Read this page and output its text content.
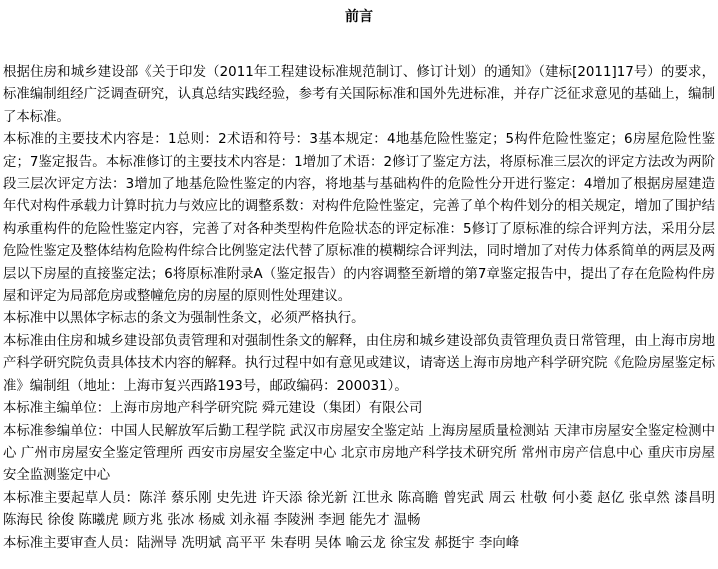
前言

根据住房和城乡建设部《关于印发（2011年工程建设标准规范制订、修订计划）的通知》（建标[2011]17号）的要求，标准编制组经广泛调查研究，认真总结实践经验，参考有关国际标准和国外先进标准，并存广泛征求意见的基础上，编制了本标准。

本标准的主要技术内容是：1总则：2术语和符号：3基本规定：4地基危险性鉴定；5构件危险性鉴定；6房屋危险性鉴定；7鉴定报告。本标准修订的主要技术内容是：1增加了术语：2修订了鉴定方法，将原标准三层次的评定方法改为两阶段三层次评定方法：3增加了地基危险性鉴定的内容，将地基与基础构件的危险性分开进行鉴定：4增加了根据房屋建造年代对构件承载力计算时抗力与效应比的调整系数：对构件危险性鉴定，完善了单个构件划分的相关规定，增加了围护结构承重构件的危险性鉴定内容，完善了对各种类型构件危险状态的评定标准：5修订了原标准的综合评判方法，采用分层危险性鉴定及整体结构危险构件综合比例鉴定法代替了原标准的模糊综合评判法，同时增加了对传力体系简单的两层及两层以下房屋的直接鉴定法；6将原标准附录A（鉴定报告）的内容调整至新增的第7章鉴定报告中，提出了存在危险构件房屋和评定为局部危房或整幢危房的房屋的原则性处理建议。

本标准中以黑体字标志的条文为强制性条文，必须严格执行。

本标准由住房和城乡建设部负责管理和对强制性条文的解释，由住房和城乡建设部负责管理负责日常管理，由上海市房地产科学研究院负责具体技术内容的解释。执行过程中如有意见或建议，请寄送上海市房地产科学研究院《危险房屋鉴定标准》编制组（地址：上海市复兴西路193号，邮政编码：200031）。

本标准主编单位：上海市房地产科学研究院 舜元建设（集团）有限公司

本标准参编单位：中国人民解放军后勤工程学院 武汉市房屋安全鉴定站 上海房屋质量检测站 天津市房屋安全鉴定检测中心 广州市房屋安全鉴定管理所 西安市房屋安全鉴定中心 北京市房地产科学技术研究所 常州市房产信息中心 重庆市房屋安全监测鉴定中心

本标准主要起草人员：陈洋 蔡乐刚 史先进 许天添 徐光新 江世永 陈高瞻 曾宪武 周云 杜敬 何小菱 赵亿 张卓然 漆昌明 陈海民 徐俊 陈曦虎 顾方兆 张冰 杨威 刘永福 李陵洲 李迥 能先才 温畅

本标准主要审查人员：陆洲导 冼明斌 高平平 朱春明 吴体 喻云龙 徐宝发 郝挺宇 李向峰
